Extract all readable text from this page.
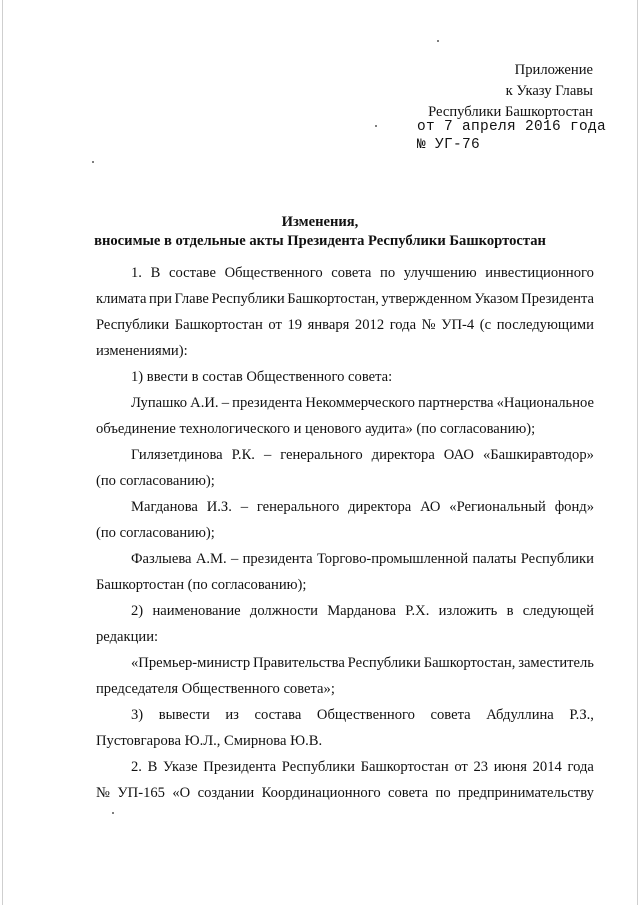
Приложение
к Указу Главы
Республики Башкортостан
от 7 апреля 2016 года
№ УГ-76
Изменения,
вносимые в отдельные акты Президента Республики Башкортостан
1. В составе Общественного совета по улучшению инвестиционного
климата при Главе Республики Башкортостан, утвержденном Указом Президента
Республики Башкортостан от 19 января 2012 года № УП-4 (с последующими
изменениями):
1) ввести в состав Общественного совета:
Лупашко А.И. – президента Некоммерческого партнерства «Национальное
объединение технологического и ценового аудита» (по согласованию);
Гилязетдинова Р.К. – генерального директора ОАО «Башкиравтодор»
(по согласованию);
Магданова И.З. – генерального директора АО «Региональный фонд»
(по согласованию);
Фазлыева А.М. – президента Торгово-промышленной палаты Республики
Башкортостан (по согласованию);
2) наименование должности Марданова Р.Х. изложить в следующей
редакции:
«Премьер-министр Правительства Республики Башкортостан, заместитель
председателя Общественного совета»;
3) вывести из состава Общественного совета Абдуллина Р.З.,
Пустовгарова Ю.Л., Смирнова Ю.В.
2. В Указе Президента Республики Башкортостан от 23 июня 2014 года
№ УП-165 «О создании Координационного совета по предпринимательству
